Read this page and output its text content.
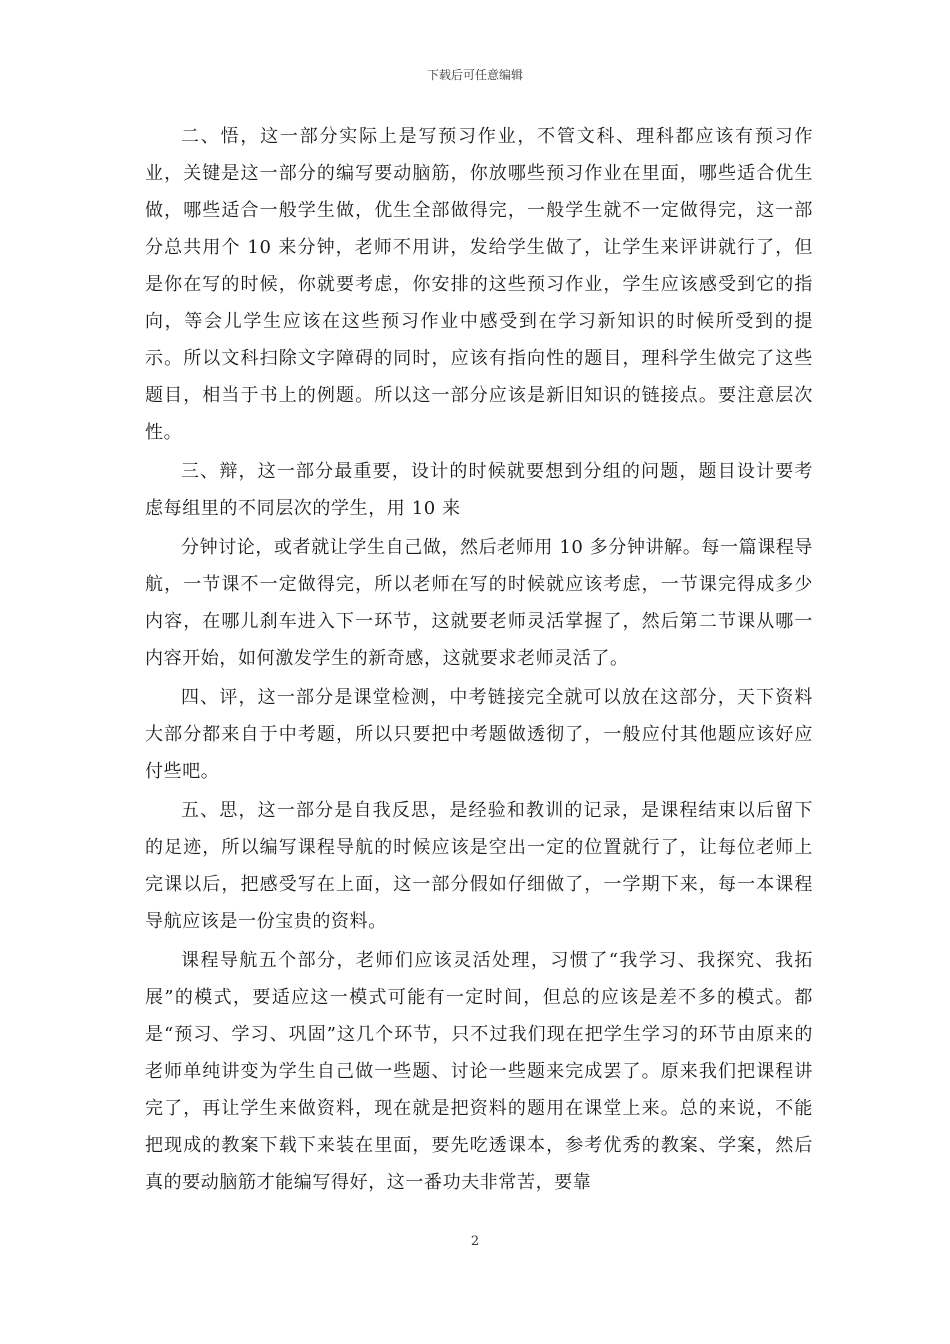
下载后可任意编辑

二、悟，这一部分实际上是写预习作业，不管文科、理科都应该有预习作业，关键是这一部分的编写要动脑筋，你放哪些预习作业在里面，哪些适合优生做，哪些适合一般学生做，优生全部做得完，一般学生就不一定做得完，这一部分总共用个 10 来分钟，老师不用讲，发给学生做了，让学生来评讲就行了，但是你在写的时候，你就要考虑，你安排的这些预习作业，学生应该感受到它的指向，等会儿学生应该在这些预习作业中感受到在学习新知识的时候所受到的提示。所以文科扫除文字障碍的同时，应该有指向性的题目，理科学生做完了这些题目，相当于书上的例题。所以这一部分应该是新旧知识的链接点。要注意层次性。

三、辩，这一部分最重要，设计的时候就要想到分组的问题，题目设计要考虑每组里的不同层次的学生，用 10 来

分钟讨论，或者就让学生自己做，然后老师用 10 多分钟讲解。每一篇课程导航，一节课不一定做得完，所以老师在写的时候就应该考虑，一节课完得成多少内容，在哪儿刹车进入下一环节，这就要老师灵活掌握了，然后第二节课从哪一内容开始，如何激发学生的新奇感，这就要求老师灵活了。

四、评，这一部分是课堂检测，中考链接完全就可以放在这部分，天下资料大部分都来自于中考题，所以只要把中考题做透彻了，一般应付其他题应该好应付些吧。

五、思，这一部分是自我反思，是经验和教训的记录，是课程结束以后留下的足迹，所以编写课程导航的时候应该是空出一定的位置就行了，让每位老师上完课以后，把感受写在上面，这一部分假如仔细做了，一学期下来，每一本课程导航应该是一份宝贵的资料。

课程导航五个部分，老师们应该灵活处理，习惯了“我学习、我探究、我拓展”的模式，要适应这一模式可能有一定时间，但总的应该是差不多的模式。都是“预习、学习、巩固”这几个环节，只不过我们现在把学生学习的环节由原来的老师单纯讲变为学生自己做一些题、讨论一些题来完成罢了。原来我们把课程讲完了，再让学生来做资料，现在就是把资料的题用在课堂上来。总的来说，不能把现成的教案下载下来装在里面，要先吃透课本，参考优秀的教案、学案，然后真的要动脑筋才能编写得好，这一番功夫非常苦，要靠

2
